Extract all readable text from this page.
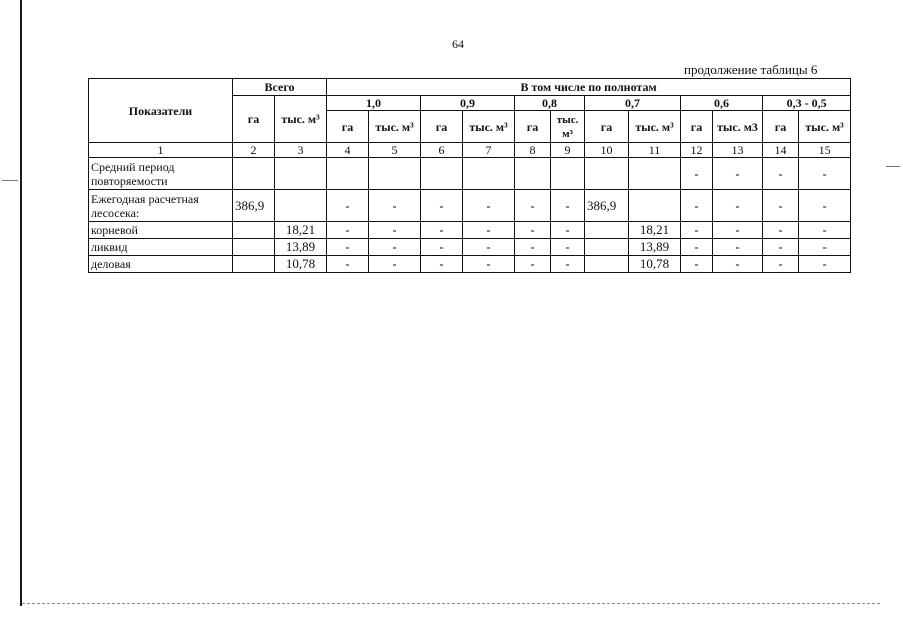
64
продолжение таблицы 6
Показатели	Всего		В том числе по полнотам											
	га	тыс. м³	1,0		0,9		0,8		0,7		0,6		0,3 - 0,5	
			га	тыс. м³	га	тыс. м³	га	тыс. м³	га	тыс. м³	га	тыс. м3	га	тыс. м³
1	2	3	4	5	6	7	8	9	10	11	12	13	14	15
Средний период повторяемости											-	-	-	-
Ежегодная расчетная лесосека:	386,9		-	-	-	-	-	-	386,9		-	-	-	-
корневой		18,21	-	-	-	-	-	-		18,21	-	-	-	-
ликвид		13,89	-	-	-	-	-	-		13,89	-	-	-	-
деловая		10,78	-	-	-	-	-	-		10,78	-	-	-	-
